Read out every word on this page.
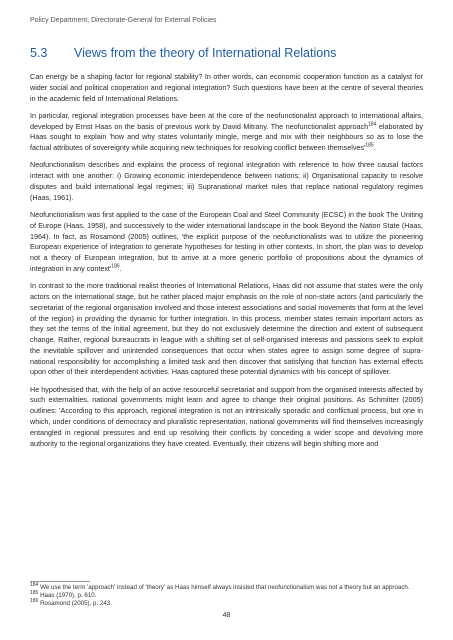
Policy Department, Directorate-General for External Policies
5.3 Views from the theory of International Relations

Can energy be a shaping factor for regional stability? In other words, can economic cooperation function as a catalyst for wider social and political cooperation and regional integration? Such questions have been at the centre of several theories in the academic field of International Relations.

In particular, regional integration processes have been at the core of the neofunctionalist approach to international affairs, developed by Ernst Haas on the basis of previous work by David Mitrany. The neofunctionalist approach$^{184}$ elaborated by Haas sought to explain 'how and why states voluntarily mingle, merge and mix with their neighbours so as to lose the factual attributes of sovereignty while acquiring new techniques for resolving conflict between $themselves'^{185}$.

Neofunctionalism describes and explains the process of regional integration with reference to how three causal factors interact with one another: i) Growing economic interdependence between nations; ii) Organisational capacity to resolve disputes and build international legal regimes; iii) Supranational market rules that replace national regulatory regimes (Haas, 1961).

Neofunctionalism was first applied to the case of the European Coal and Steel Community (ECSC) in the book The Uniting of Europe (Haas, 1958), and successively to the wider international landscape in the book Beyond the Nation State (Haas, 1964). In fact, as Rosamond (2005) outlines, 'the explicit purpose of the neofunctionalists was to utilize the pioneering European experience of integration to generate hypotheses for testing in other contexts. In short, the plan was to develop not a theory of European integration, but to arrive at a more generic portfolio of propositions about the dynamics of integration in any $context'^{186}$.

In contrast to the more traditional realist theories of International Relations, Haas did not assume that states were the only actors on the international stage, but he rather placed major emphasis on the role of non-state actors (and particularly the secretariat of the regional organisation involved and those interest associations and social movements that form at the level of the region) in providing the dynamic for further integration. In this process, member states remain important actors as they set the terms of the initial agreement, but they do not exclusively determine the direction and extent of subsequent change. Rather, regional bureaucrats in league with a shifting set of self-organised interests and passions seek to exploit the inevitable spillover and unintended consequences that occur when states agree to assign some degree of supra-national responsibility for accomplishing a limited task and then discover that satisfying that function has external effects upon other of their interdependent activities. Haas captured these potential dynamics with his concept of spillover.

He hypothesised that, with the help of an active resourceful secretariat and support from the organised interests affected by such externalities, national governments might learn and agree to change their original positions. As Schmitter (2005) outlines: 'According to this approach, regional integration is not an intrinsically sporadic and conflictual process, but one in which, under conditions of democracy and pluralistic representation, national governments will find themselves increasingly entangled in regional pressures and end up resolving their conflicts by conceding a wider scope and devolving more authority to the regional organizations they have created. Eventually, their citizens will begin shifting more and

$^{184}$ We use the term 'approach' instead of 'theory' as Haas himself always insisted that neofunctionalism was not a theory but an approach.
$^{185}$ Haas (1970), p. 610.
$^{186}$ Rosamond (2005), p. 243.
48
